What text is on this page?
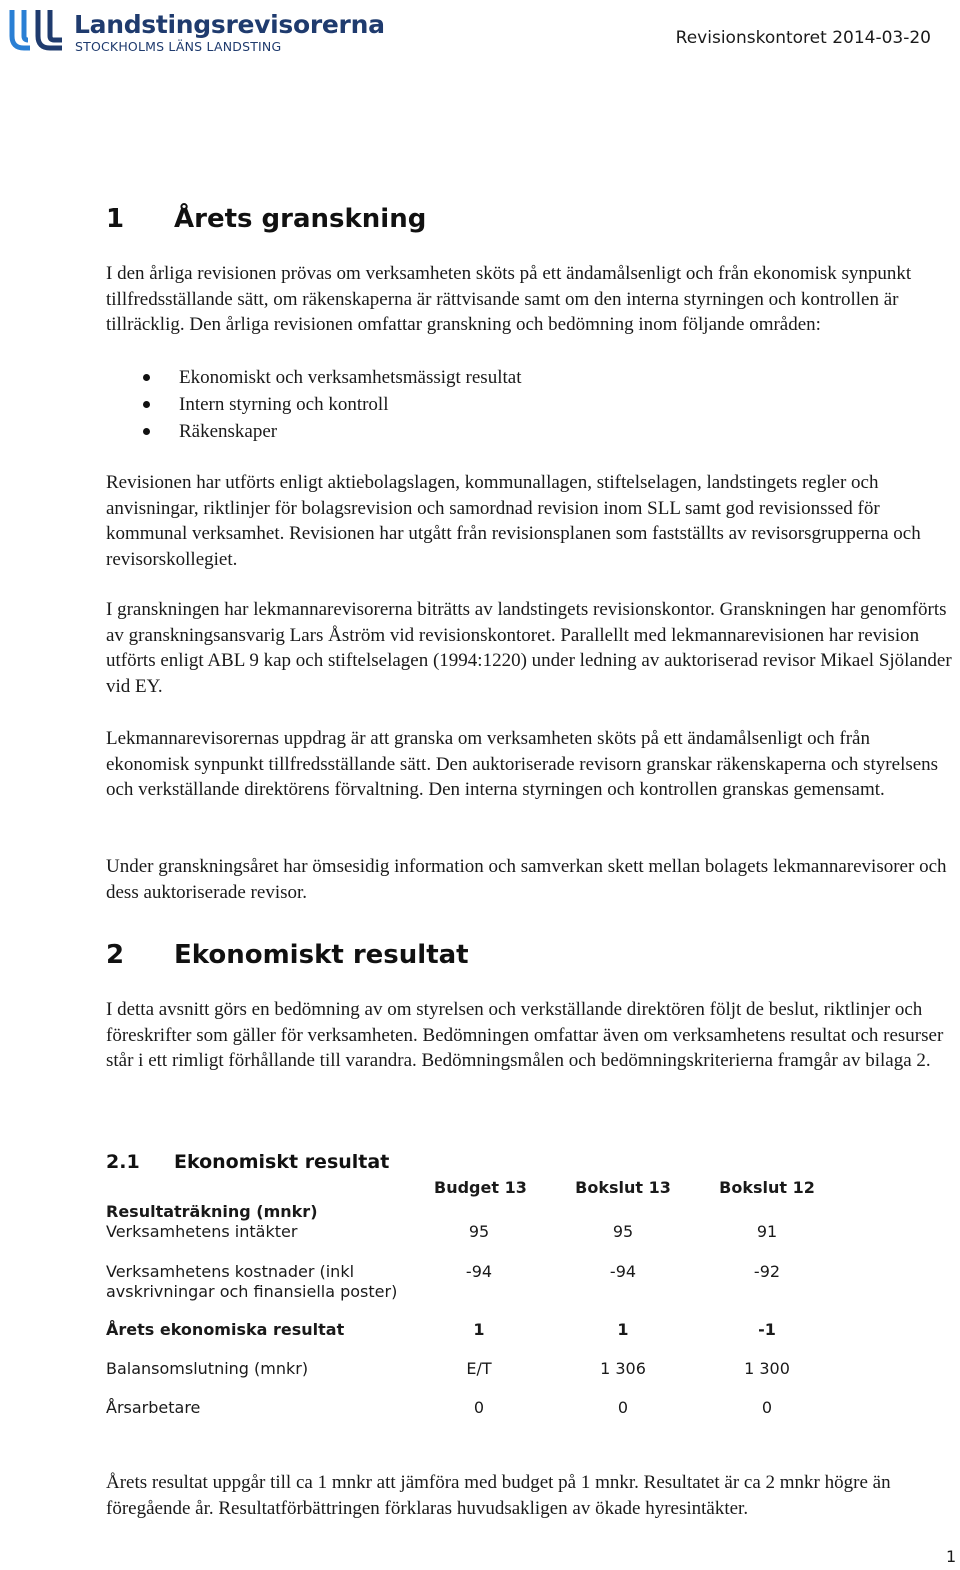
Landstingsrevisorerna
STOCKHOLMS LÄNS LANDSTING	Revisionskontoret 2014-03-20
1 Årets granskning
I den årliga revisionen prövas om verksamheten sköts på ett ändamålsenligt och från ekonomisk synpunkt tillfredsställande sätt, om räkenskaperna är rättvisande samt om den interna styrningen och kontrollen är tillräcklig. Den årliga revisionen omfattar granskning och bedömning inom följande områden:
Ekonomiskt och verksamhetsmässigt resultat
Intern styrning och kontroll
Räkenskaper
Revisionen har utförts enligt aktiebolagslagen, kommunallagen, stiftelselagen, landstingets regler och anvisningar, riktlinjer för bolagsrevision och samordnad revision inom SLL samt god revisionssed för kommunal verksamhet. Revisionen har utgått från revisionsplanen som fastställts av revisorsgrupperna och revisorskollegiet.
I granskningen har lekmannarevisorerna biträtts av landstingets revisionskontor. Granskningen har genomförts av granskningsansvarig Lars Åström vid revisionskontoret. Parallellt med lekmannarevisionen har revision utförts enligt ABL 9 kap och stiftelselagen (1994:1220) under ledning av auktoriserad revisor Mikael Sjölander vid EY.
Lekmannarevisorernas uppdrag är att granska om verksamheten sköts på ett ändamålsenligt och från ekonomisk synpunkt tillfredsställande sätt. Den auktoriserade revisorn granskar räkenskaperna och styrelsens och verkställande direktörens förvaltning. Den interna styrningen och kontrollen granskas gemensamt.
Under granskningsåret har ömsesidig information och samverkan skett mellan bolagets lekmannarevisorer och dess auktoriserade revisor.
2 Ekonomiskt resultat
I detta avsnitt görs en bedömning av om styrelsen och verkställande direktören följt de beslut, riktlinjer och föreskrifter som gäller för verksamheten. Bedömningen omfattar även om verksamhetens resultat och resurser står i ett rimligt förhållande till varandra. Bedömningsmålen och bedömningskriterierna framgår av bilaga 2.
2.1 Ekonomiskt resultat
Budget 13	Bokslut 13	Bokslut 12
Resultaträkning (mnkr)
Verksamhetens intäkter	95	95	91
Verksamhetens kostnader (inkl
avskrivningar och finansiella poster)
-94	-94	-92
Årets ekonomiska resultat	1	1	-1
Balansomslutning (mnkr)	E/T	1 306	1 300
Årsarbetare	0	0	0
Årets resultat uppgår till ca 1 mnkr att jämföra med budget på 1 mnkr. Resultatet är ca 2 mnkr högre än föregående år. Resultatförbättringen förklaras huvudsakligen av ökade hyresintäkter.
1
